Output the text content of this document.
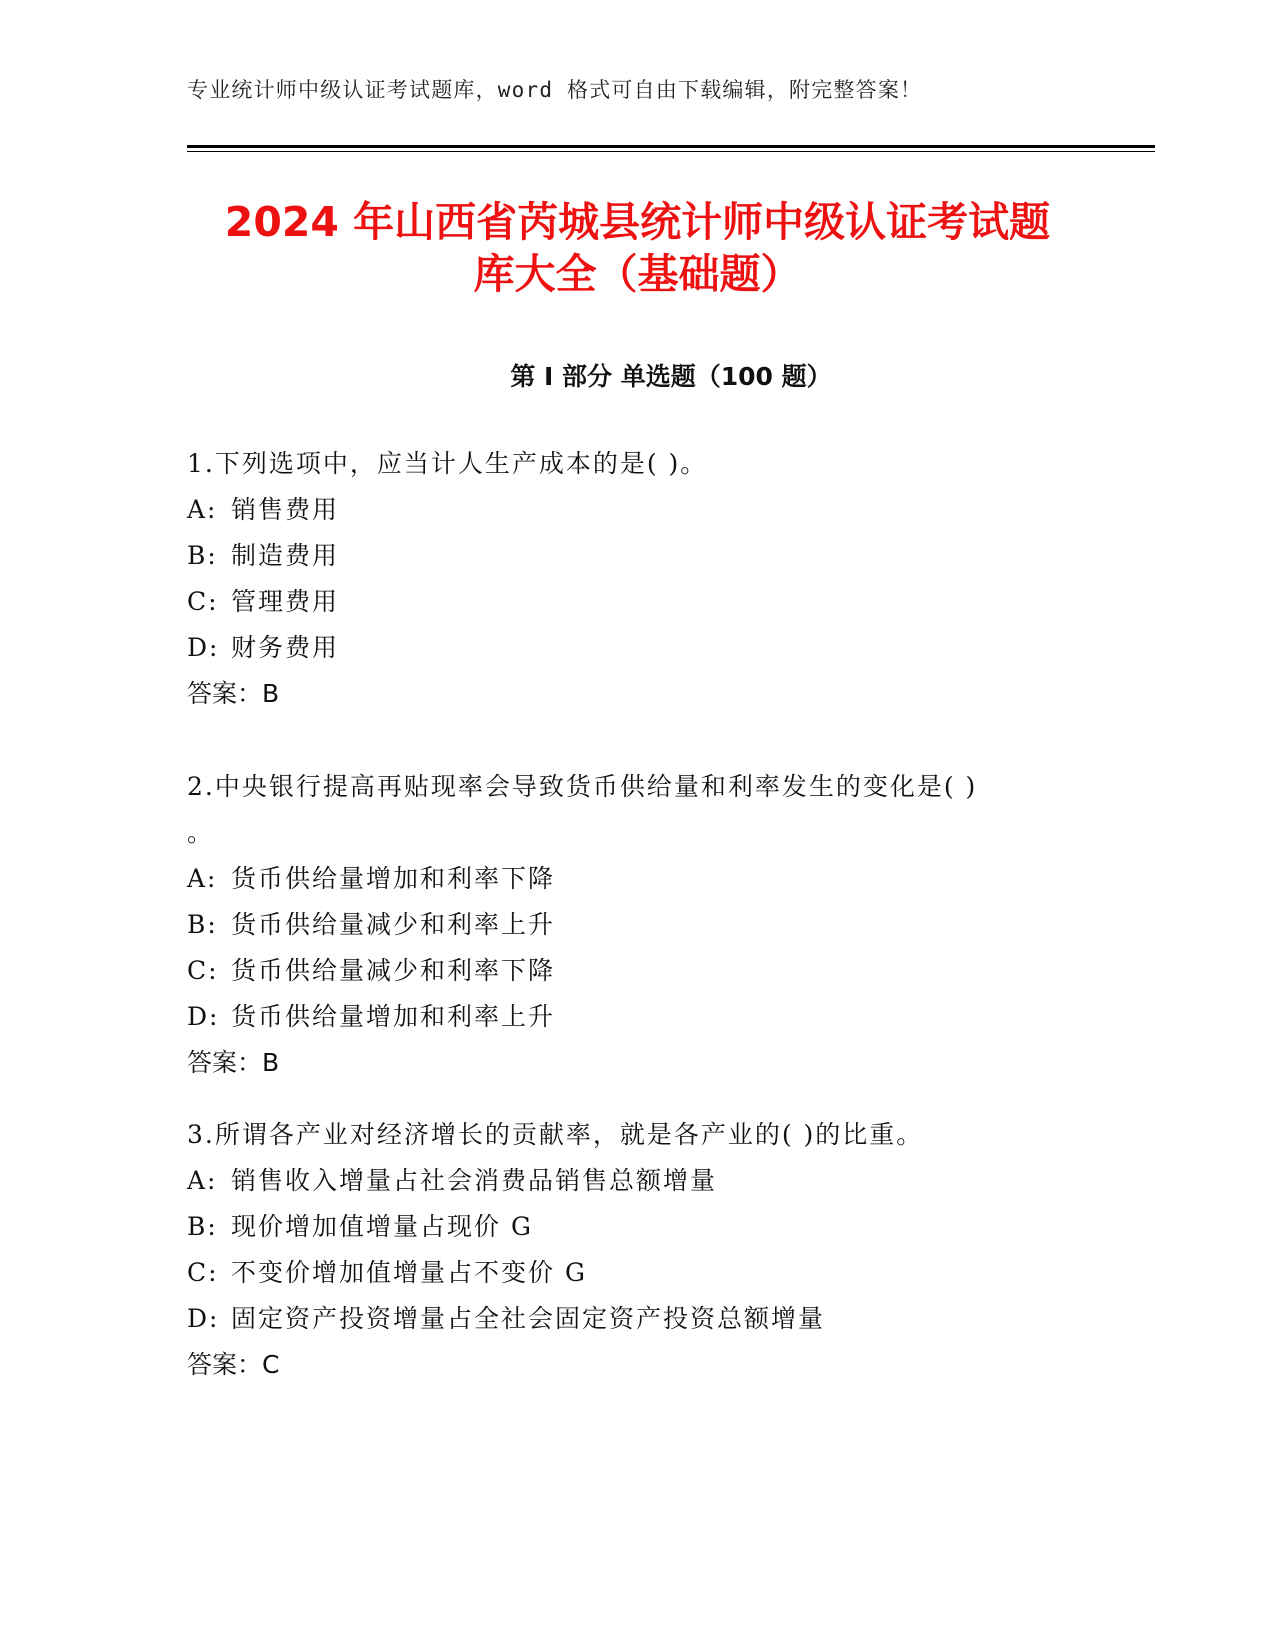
专业统计师中级认证考试题库，word 格式可自由下载编辑，附完整答案！
2024 年山西省芮城县统计师中级认证考试题
库大全（基础题）
第 I 部分 单选题（100 题）
1.下列选项中，应当计人生产成本的是( )。
A: 销售费用
B: 制造费用
C: 管理费用
D: 财务费用
答案：B
2.中央银行提高再贴现率会导致货币供给量和利率发生的变化是( )
。
A: 货币供给量增加和利率下降
B: 货币供给量减少和利率上升
C: 货币供给量减少和利率下降
D: 货币供给量增加和利率上升
答案：B
3.所谓各产业对经济增长的贡献率，就是各产业的( )的比重。
A: 销售收入增量占社会消费品销售总额增量
B: 现价增加值增量占现价 G
C: 不变价增加值增量占不变价 G
D: 固定资产投资增量占全社会固定资产投资总额增量
答案：C
